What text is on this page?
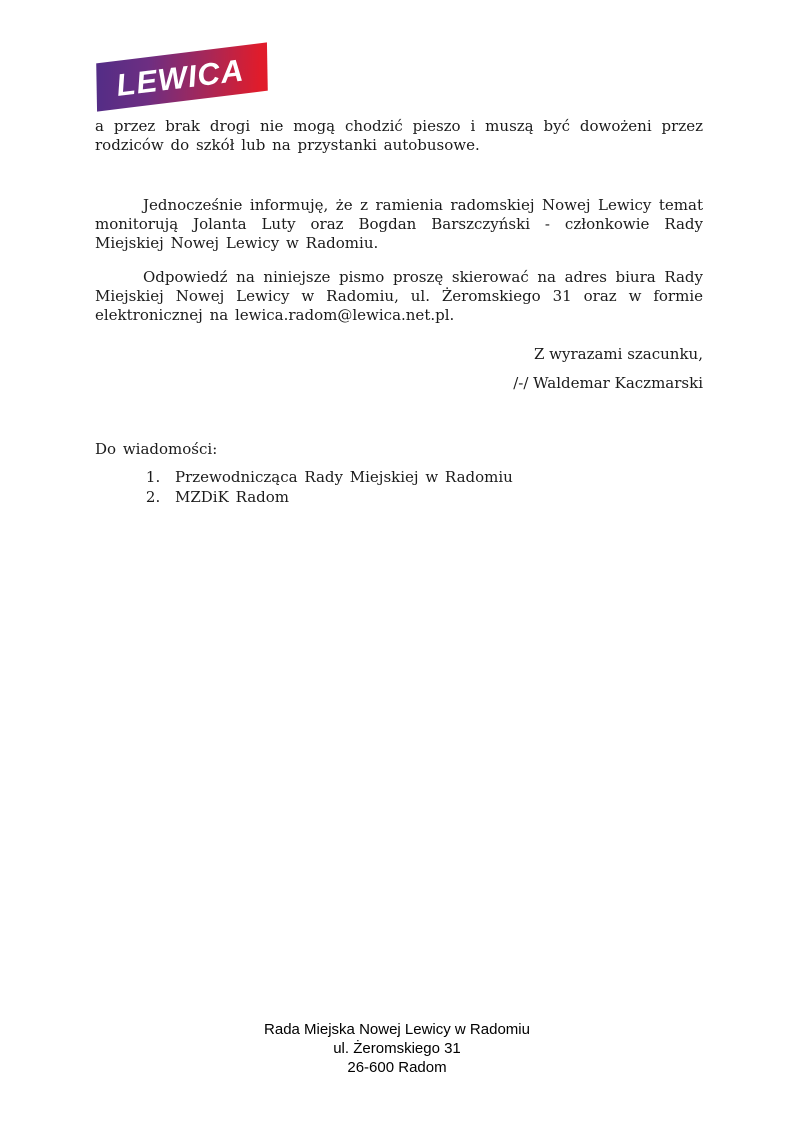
LEWICA

a przez brak drogi nie mogą chodzić pieszo i muszą być dowożeni przez rodziców do szkół lub na przystanki autobusowe.

Jednocześnie informuję, że z ramienia radomskiej Nowej Lewicy temat monitorują Jolanta Luty oraz Bogdan Barszczyński - członkowie Rady Miejskiej Nowej Lewicy w Radomiu.

Odpowiedź na niniejsze pismo proszę skierować na adres biura Rady Miejskiej Nowej Lewicy w Radomiu, ul. Żeromskiego 31 oraz w formie elektronicznej na lewica.radom@lewica.net.pl.

Z wyrazami szacunku,
/-/ Waldemar Kaczmarski
Do wiadomości:
1. Przewodnicząca Rady Miejskiej w Radomiu
2. MZDiK Radom
Rada Miejska Nowej Lewicy w Radomiu
ul. Żeromskiego 31
26-600 Radom
